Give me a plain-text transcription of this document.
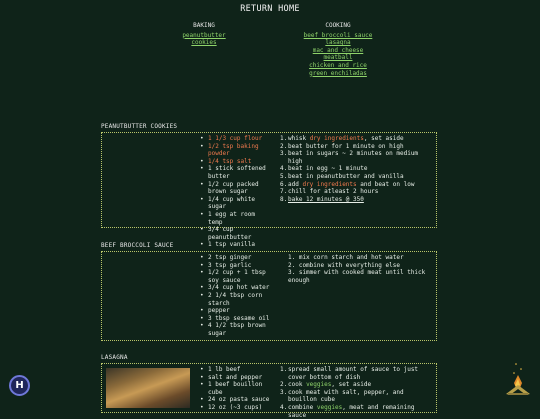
RETURN HOME
BAKING
peanutbutter cookies
COOKING
beef broccoli sauce
lasagna
mac and cheese
meatball
chicken and rice
green enchiladas
PEANUTBUTTER COOKIES
• 1 1/3 cup flour
• 1/2 tsp baking powder
• 1/4 tsp salt
• 1 stick softened butter
• 1/2 cup packed brown sugar
• 1/4 cup white sugar
• 1 egg at room temp
• 3/4 cup peanutbutter
• 1 tsp vanilla
1. whisk dry ingredients, set aside
2. beat butter for 1 minute on high
3. beat in sugars ~ 2 minutes on medium high
4. beat in egg ~ 1 minute
5. beat in peanutbutter and vanilla
6. add dry ingredients and beat on low
7. chill for atleast 2 hours
8. bake 12 minutes @ 350
BEEF BROCCOLI SAUCE
• 2 tsp ginger
• 3 tsp garlic
• 1/2 cup + 1 tbsp soy sauce
• 3/4 cup hot water
• 2 1/4 tbsp corn starch
• pepper
• 3 tbsp sesame oil
• 4 1/2 tbsp brown sugar
1. mix corn starch and hot water
2. combine with everything else
3. simmer with cooked meat until thick enough
LASAGNA
• 1 lb beef
• salt and pepper
• 1 beef bouillon cube
• 24 oz pasta sauce
• 12 oz (~3 cups)
1. spread small amount of sauce to just cover bottom of dish
2. cook veggies, set aside
3. cook meat with salt, pepper, and bouillon cube
4. combine veggies, meat and remaining sauce
H
